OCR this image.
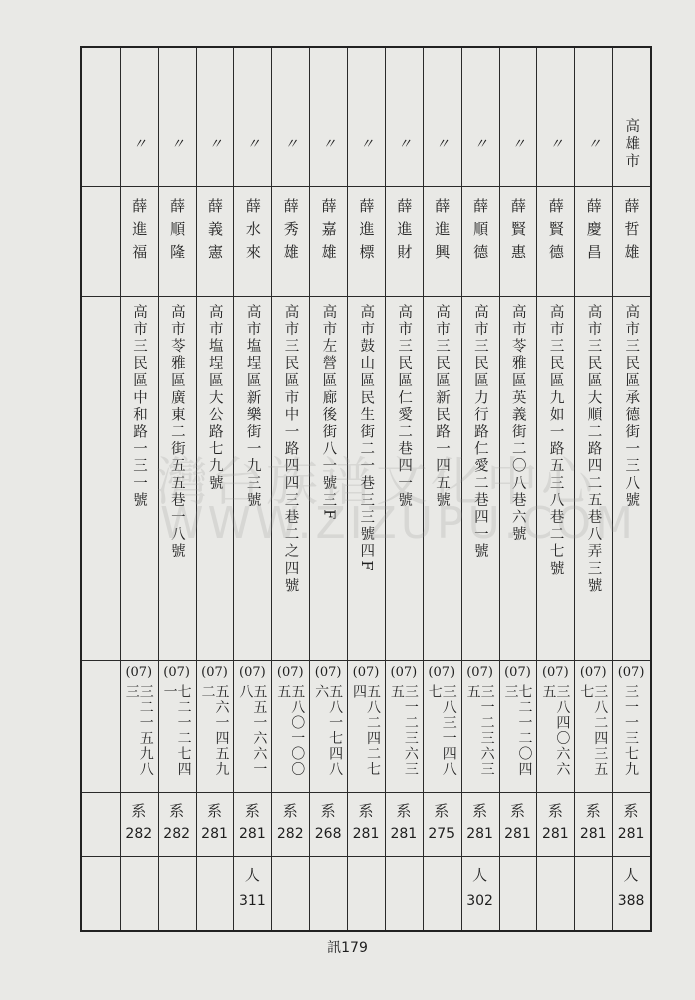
高雄市
薛哲雄
高市三民區承德街一三八號
(07)
三一一三七九
系
281
人
388
〃
薛慶昌
高市三民區大順二路四二五巷八弄三號
(07)
三八二四三五七
系
281
〃
薛賢德
高市三民區九如一路五三八巷二七號
(07)
三八四〇六六五
系
281
〃
薛賢惠
高市苓雅區英義街二〇八巷六號
(07)
七二一二〇四三
系
281
〃
薛順德
高市三民區力行路仁愛二巷四一號
(07)
三一二三六三五
系
281
人
302
〃
薛進興
高市三民區新民路一四五號
(07)
三八三一四八七
系
275
〃
薛進財
高市三民區仁愛二巷四一號
(07)
三一二三六三五
系
281
〃
薛進標
高市鼓山區民生街二一巷三三號四F
(07)
五八二四二七四
系
281
〃
薛嘉雄
高市左營區廊後街八一號三F
(07)
五八一七四八六
系
268
〃
薛秀雄
高市三民區市中一路四四三巷二之四號
(07)
五八〇一〇〇五
系
282
〃
薛水來
高市塩埕區新樂街一九三號
(07)
五五一六六一八
系
281
人
311
〃
薛義憲
高市塩埕區大公路七九號
(07)
五六一四五九二
系
281
〃
薛順隆
高市苓雅區廣東二街五五巷一八號
(07)
七二一二七四一
系
282
〃
薛進福
高市三民區中和路一三一號
(07)
三二一五九八三
系
282
灣台族谱文化中心
WWW.ZIZUPU.COM
訊179
